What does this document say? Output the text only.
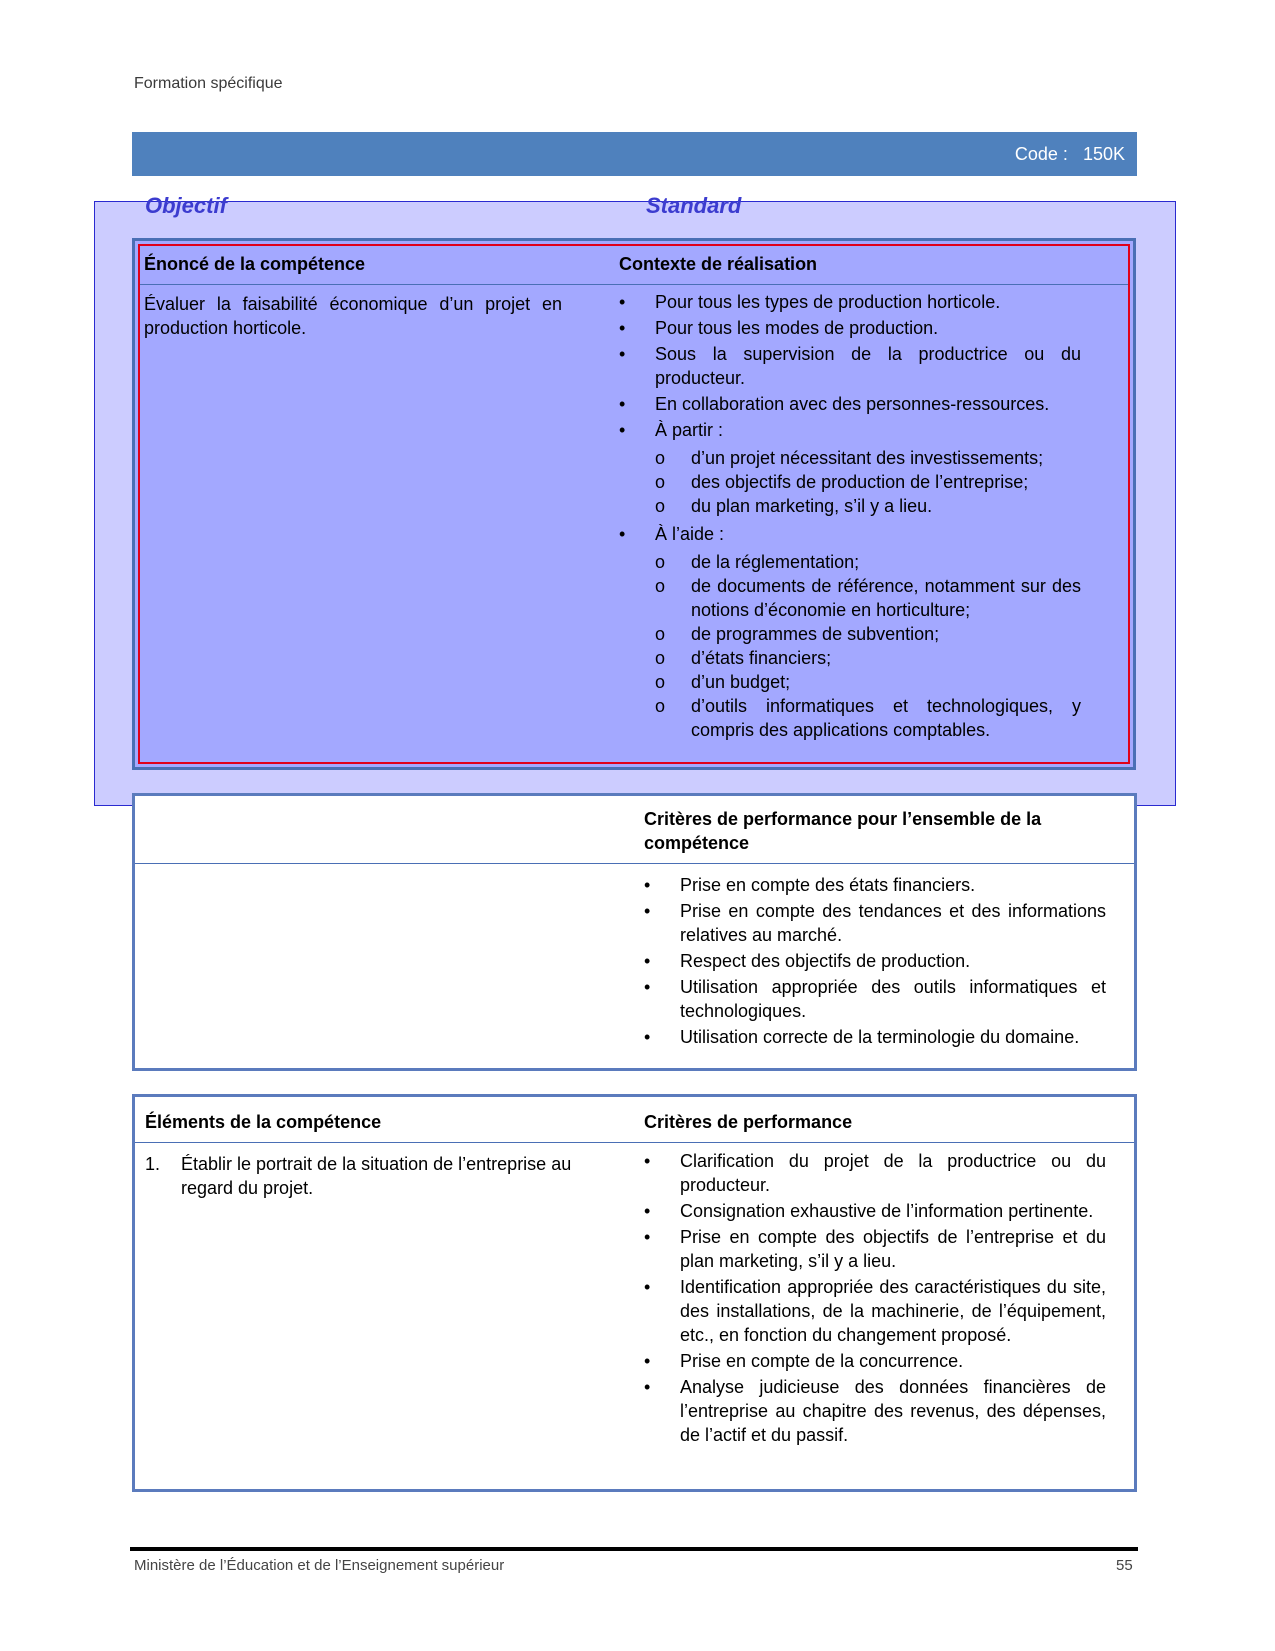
Formation spécifique
Code : 150K
Objectif	Standard
Énoncé de la compétence	Contexte de réalisation
Évaluer la faisabilité économique d’un projet en production horticole.
•	Pour tous les types de production horticole.
•	Pour tous les modes de production.
•	Sous la supervision de la productrice ou du producteur.
•	En collaboration avec des personnes-ressources.
•	À partir :
o d’un projet nécessitant des investissements;
o des objectifs de production de l’entreprise;
o du plan marketing, s’il y a lieu.
•	À l’aide :
o de la réglementation;
o de documents de référence, notamment sur des notions d’économie en horticulture;
o de programmes de subvention;
o d’états financiers;
o d’un budget;
o d’outils informatiques et technologiques, y compris des applications comptables.
Critères de performance pour l’ensemble de la compétence
•	Prise en compte des états financiers.
•	Prise en compte des tendances et des informations relatives au marché.
•	Respect des objectifs de production.
•	Utilisation appropriée des outils informatiques et technologiques.
•	Utilisation correcte de la terminologie du domaine.
Éléments de la compétence	Critères de performance
1.	Établir le portrait de la situation de l’entreprise au regard du projet.
•	Clarification du projet de la productrice ou du producteur.
•	Consignation exhaustive de l’information pertinente.
•	Prise en compte des objectifs de l’entreprise et du plan marketing, s’il y a lieu.
•	Identification appropriée des caractéristiques du site, des installations, de la machinerie, de l’équipement, etc., en fonction du changement proposé.
•	Prise en compte de la concurrence.
•	Analyse judicieuse des données financières de l’entreprise au chapitre des revenus, des dépenses, de l’actif et du passif.
Ministère de l’Éducation et de l’Enseignement supérieur	55
